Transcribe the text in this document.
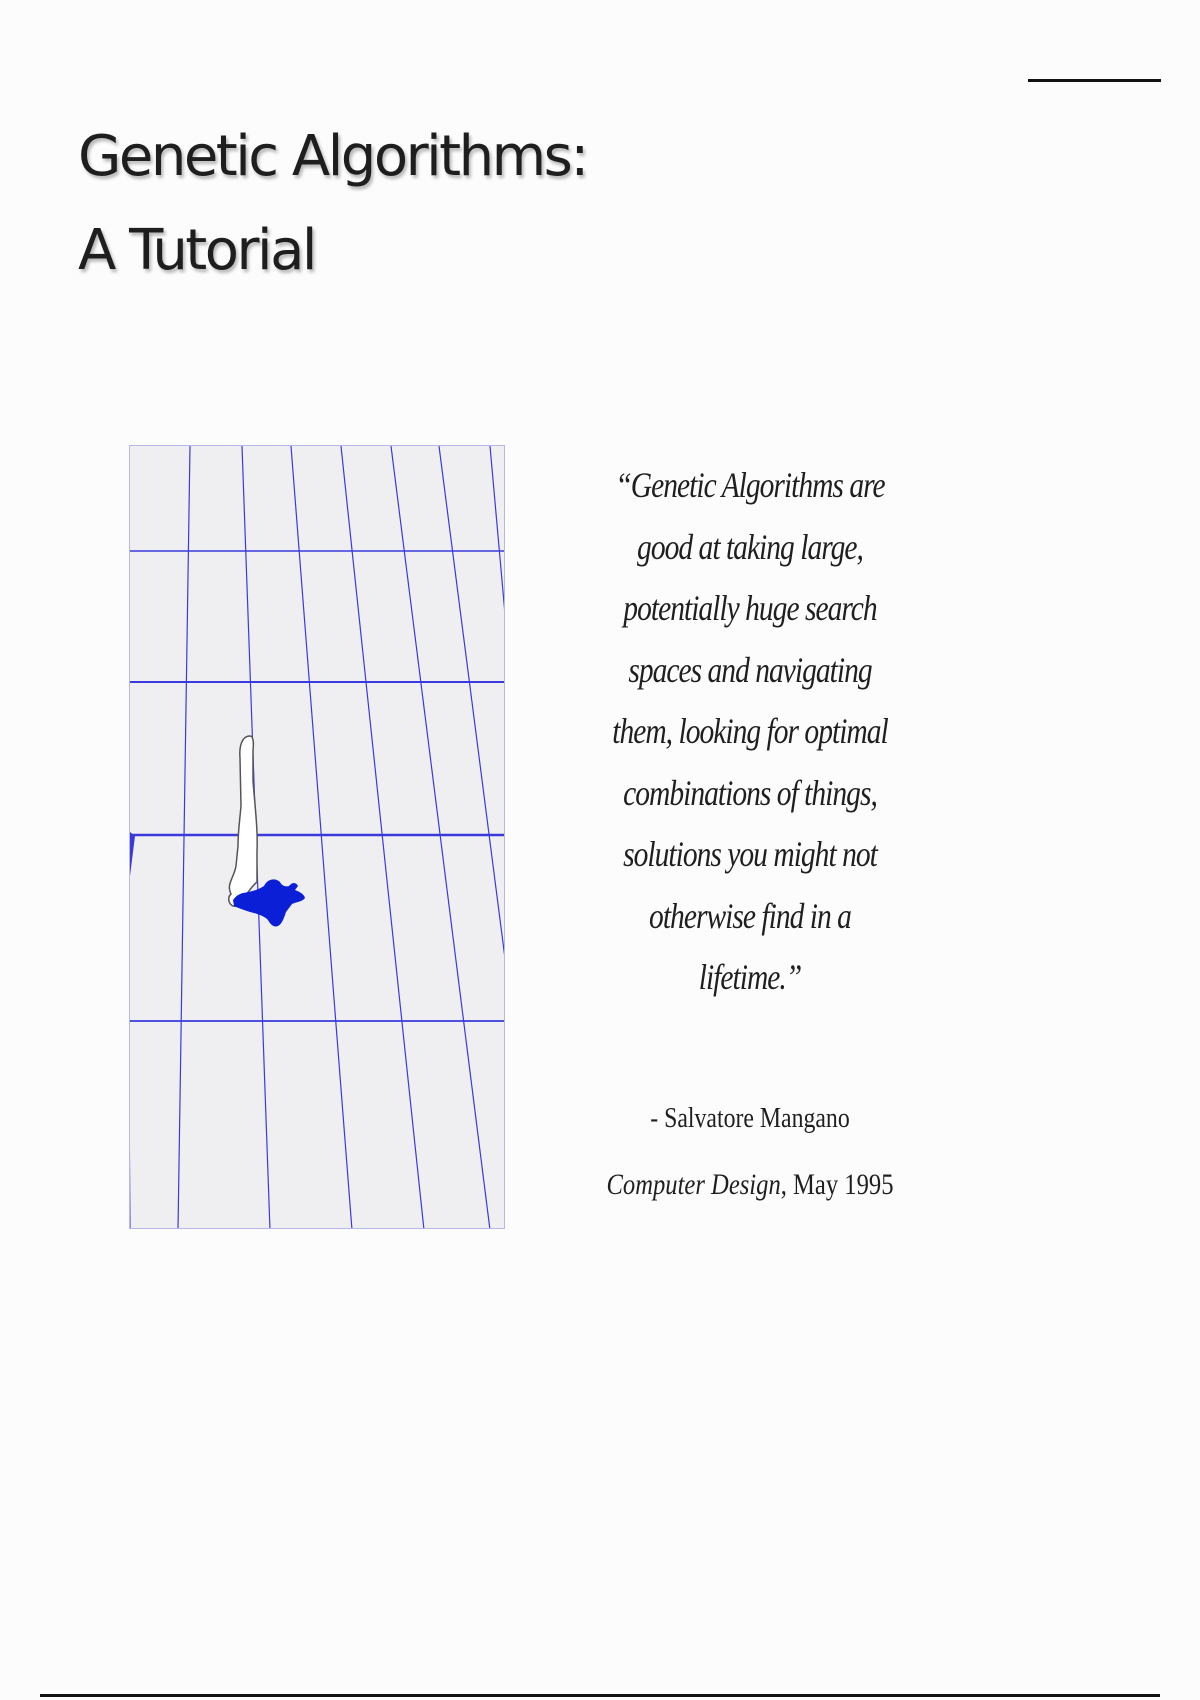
Genetic Algorithms:
A Tutorial

“Genetic Algorithms are
good at taking large,
potentially huge search
spaces and navigating
them, looking for optimal
combinations of things,
solutions you might not
otherwise find in a
lifetime.”

- Salvatore Mangano
Computer Design, May 1995
